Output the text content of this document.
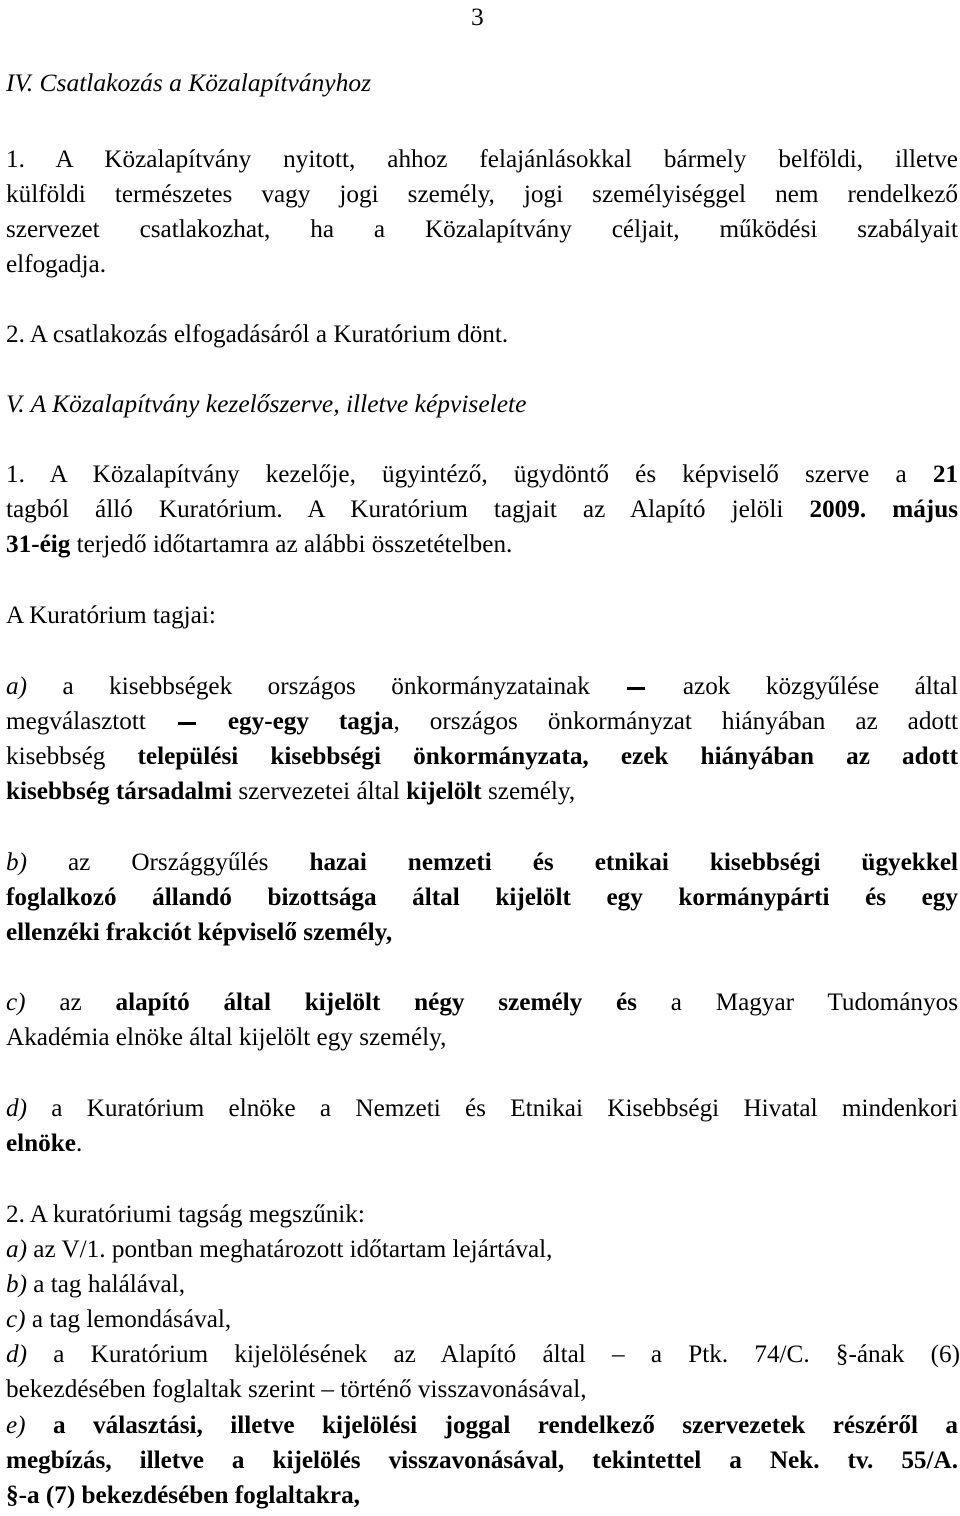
3
IV. Csatlakozás a Közalapítványhoz
1. A Közalapítvány nyitott, ahhoz felajánlásokkal bármely belföldi, illetve
külföldi természetes vagy jogi személy, jogi személyiséggel nem rendelkező
szervezet csatlakozhat, ha a Közalapítvány céljait, működési szabályait
elfogadja.
2. A csatlakozás elfogadásáról a Kuratórium dönt.
V. A Közalapítvány kezelőszerve, illetve képviselete
1. A Közalapítvány kezelője, ügyintéző, ügydöntő és képviselő szerve a 21
tagból álló Kuratórium. A Kuratórium tagjait az Alapító jelöli 2009. május
31-éig terjedő időtartamra az alábbi összetételben.
A Kuratórium tagjai:
a) a kisebbségek országos önkormányzatainak	azok közgyűlése által
megválasztott	egy-egy tagja, országos önkormányzat hiányában az adott
kisebbség települési kisebbségi önkormányzata, ezek hiányában az adott
kisebbség társadalmi szervezetei által kijelölt személy,
b) az Országgyűlés hazai nemzeti és etnikai kisebbségi ügyekkel
foglalkozó állandó bizottsága által kijelölt egy kormánypárti és egy
ellenzéki frakciót képviselő személy,
c) az alapító által kijelölt négy személy és a Magyar Tudományos
Akadémia elnöke által kijelölt egy személy,
d) a Kuratórium elnöke a Nemzeti és Etnikai Kisebbségi Hivatal mindenkori
elnöke.
2. A kuratóriumi tagság megszűnik:
a) az V/1. pontban meghatározott időtartam lejártával,
b) a tag halálával,
c) a tag lemondásával,
d) a Kuratórium kijelölésének az Alapító által – a Ptk. 74/C. §-ának (6)
bekezdésében foglaltak szerint – történő visszavonásával,
e) a választási, illetve kijelölési joggal rendelkező szervezetek részéről a
megbízás, illetve a kijelölés visszavonásával, tekintettel a Nek. tv. 55/A.
§-a (7) bekezdésében foglaltakra,
